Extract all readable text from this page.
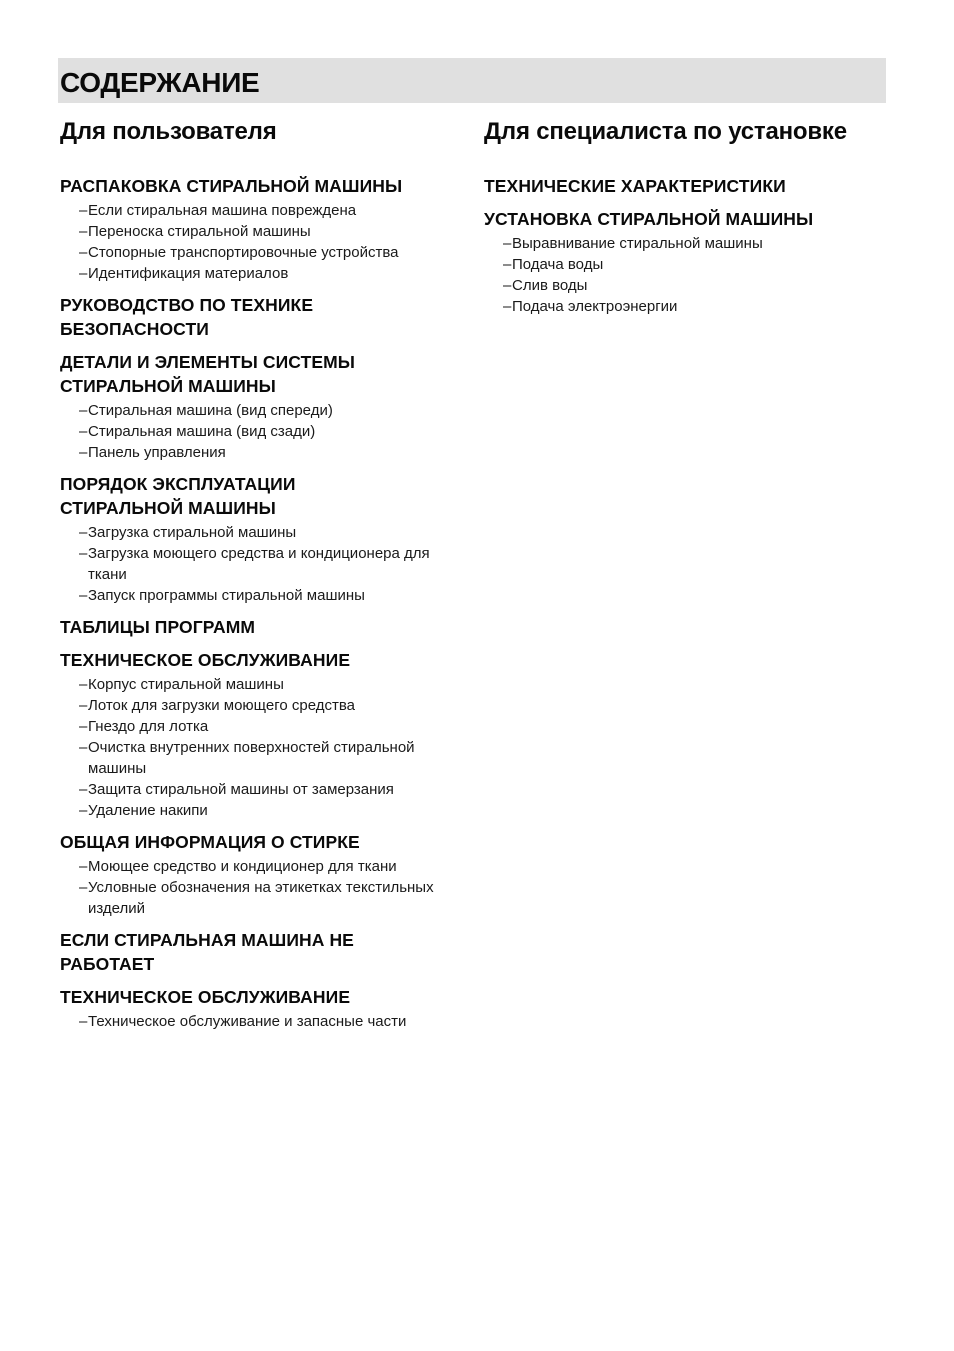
СОДЕРЖАНИЕ
Для пользователя
РАСПАКОВКА СТИРАЛЬНОЙ МАШИНЫ
–Если стиральная машина повреждена
–Переноска стиральной машины
–Стопорные транспортировочные устройства
–Идентификация материалов
РУКОВОДСТВО ПО ТЕХНИКЕ БЕЗОПАСНОСТИ
ДЕТАЛИ И ЭЛЕМЕНТЫ СИСТЕМЫ СТИРАЛЬНОЙ МАШИНЫ
–Стиральная машина (вид спереди)
–Стиральная машина (вид сзади)
–Панель управления
ПОРЯДОК ЭКСПЛУАТАЦИИ СТИРАЛЬНОЙ МАШИНЫ
–Загрузка стиральной машины
–Загрузка моющего средства и кондиционера для ткани
–Запуск программы стиральной машины
ТАБЛИЦЫ ПРОГРАММ
ТЕХНИЧЕСКОЕ ОБСЛУЖИВАНИЕ
–Корпус стиральной машины
–Лоток для загрузки моющего средства
–Гнездо для лотка
–Очистка внутренних поверхностей стиральной машины
–Защита стиральной машины от замерзания
–Удаление накипи
ОБЩАЯ ИНФОРМАЦИЯ О СТИРКЕ
–Моющее средство и кондиционер для ткани
–Условные обозначения на этикетках текстильных изделий
ЕСЛИ СТИРАЛЬНАЯ МАШИНА НЕ РАБОТАЕТ
ТЕХНИЧЕСКОЕ ОБСЛУЖИВАНИЕ
–Техническое обслуживание и запасные части
Для специалиста по установке
ТЕХНИЧЕСКИЕ ХАРАКТЕРИСТИКИ
УСТАНОВКА СТИРАЛЬНОЙ МАШИНЫ
–Выравнивание стиральной машины
–Подача воды
–Слив воды
–Подача электроэнергии
